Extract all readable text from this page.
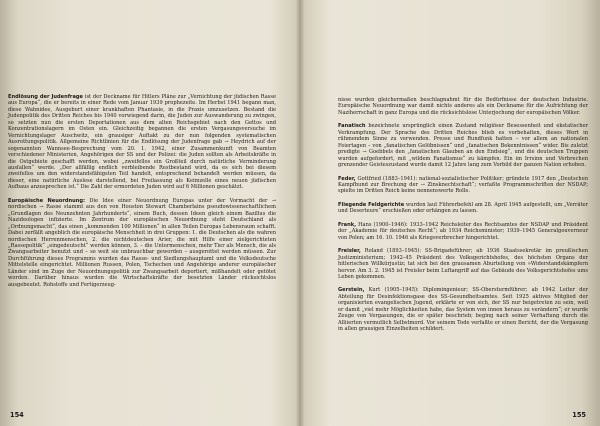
Endlösung der Judenfrage ist der Deckname für Hitlers Pläne zur „Vernichtung der jüdischen Rasse aus Europa“, die er bereits in einer Rede vom Januar 1939 prophezeite. Im Herbst 1941 begann man, diese Wahnidee, Ausgeburt einer krankhaften Phantasie, in die Praxis umzusetzen. Bestand die Judenpolitik des Dritten Reiches bis 1940 vorwiegend darin, die Juden zur Auswanderung zu zwingen, so setzten nun die ersten Deportationen aus dem alten Reichsgebiet nach den Gettos und Konzentrationslagern im Osten ein. Gleichzeitig begannen die ersten Vergasungsversuche im Vernichtungslager Auschwitz, ein grausiger Auftakt zu der nun folgenden systematischen Ausrottungspolitik. Allgemeine Richtlinien für die Endlösung der Judenfrage gab → Heydrich auf der sogenannten Wannsee-Besprechung vom 20. 1. 1942, einer Zusammenkunft von Beamten verschiedener Ministerien, Angehörigen der SS und der Polizei: die Juden sollten als Arbeitskräfte in die Ostgebiete geschafft werden, wobei „zweifellos ein Großteil durch natürliche Verminderung ausfallen“ werde. „Der allfällig endlich verbleibende Restbestand wird, da es sich bei diesem zweifellos um den widerstandsfähigsten Teil handelt, entsprechend behandelt werden müssen, da dieser, eine natürliche Auslese darstellend, bei Freilassung als Keimzelle eines neuen jüdischen Aufbaus anzusprechen ist.“ Die Zahl der ermordeten Juden wird auf 6 Millionen geschätzt.

Europäische Neuordnung: Die Idee einer Neuordnung Europas unter der Vormacht der → nordischen → Rasse stammt aus den von Houston Stewart Chamberlains pseudowissenschaftlichem „Grundlagen des Neunzehnten Jahrhunderts“, einem Buch, dessen Ideen gleich einem Bazillus die Nazideologen infizierte. Im Zentrum der europäischen Neuordnung steht Deutschland als „Ordnungsmacht“, das einen „kommenden 100 Millionen“ in allen Teilen Europas Lebensraum schafft. Dabei zerfällt angeblich die europäische Menschheit in drei Gruppen: 1. die Deutschen als die wahren nordischen Herrenmenschen, 2. die nichtdeutschen Arier, die mit Hilfe einer zielgerichteten „Rassepolitik“ „eingedeutscht“ werden können, 3. – die Untermenschen, mehr Tier als Mensch, die als Zwangsarbeiter benutzt und – so weit sie unbrauchbar geworden – ausgerottet werden müssen. Zur Durchführung dieses Programms wurden das Rasse- und Siedlungshauptamt und die Volksdeutsche Mittelstelle eingerichtet. Millionen Russen, Polen, Tschechen und Angehörige anderer europäischer Länder sind im Zuge der Neuordnungspolitik zur Zwangsarbeit deportiert, mißhandelt oder getötet worden. Darüber hinaus wurden die Wirtschaftskräfte der besetzten Länder rücksichtslos ausgebeutet. Rohstoffe und Fertigerzeug-

154

nisse wurden gleichermaßen beschlagnahmt für die Bedürfnisse der deutschen Industrie. Europäische Neuordnung war damit nichts anderes als ein Deckname für die Aufrichtung der Nazíherrschaft in ganz Europa und die rücksichtslose Unterjochung der europäischen Völker.

Fanatisch bezeichnete ursprünglich einen Zustand religiöser Besessenheit und ekstatischer Verkrampfung. Der Sprache des Dritten Reiches blieb es vorbehalten, dieses Wort in rühmendem Sinne zu verwenden. Presse und Rundfunk hatten – vor allem an nationalen Feiertagen – von „fanatischen Gelöbnissen“ und „fanatischen Bekenntnissen“ wider. Bis zuletzt predigte → Goebbels den „fanatischen Glauben an den Endsieg“, und die deutschen Truppen wurden aufgefordert, mit „wildem Fanatismus“ zu kämpfen. Ein im Irrsinn und Verbrechen grenzender Geisteszustand wurde damit 12 Jahre lang zum Vorbild der ganzen Nation erhoben.

Feder, Gottfried (1883–1941): national-sozialistischer Politiker; gründete 1917 den „Deutschen Kampfbund zur Brechung der → Zinsknechtschaft“; verfaßte Programmschriften der NSDAP; spielte im Dritten Reich keine nennenswerte Rolle.

Fliegende Feldgerichte wurden laut Führerbefehl am 28. April 1945 aufgestellt, um „Verräter und Deserteure“ erschießen oder erhängen zu lassen.

Frank, Hans (1900–1946): 1933–1942 Reichsleiter des Rechtsamtes der NSDAP und Präsident der „Akademie für deutsches Recht“; ab 1934 Reichsminister; 1939–1945 Generalgouverneur von Polen; am 16. 10. 1946 als Kriegsverbrecher hingerichtet.

Freisler, Roland (1893–1945): SS-Brigadeführer; ab 1936 Staatssekretär im preußischen Justizministerium; 1942–45 Präsident des Volksgerichtshofes, des höchsten Organs der hitlerischen Willkürjustiz; tat sich bei den grausamen Aburteilung von »Widerstandskämpfern hervor. Am 3. 2. 1945 ist Freisler beim Luftangriff auf das Gebäude des Volksgerichtshofes ums Leben gekommen.

Gerstein, Kurt (1905–1945): Diplomingenieur; SS-Obersturmführer; ab 1942 Leiter der Abteilung für Desinfektionsgase des SS-Gesundheitsamtes. Seit 1925 aktives Mitglied der organisierten evangelischen Jugend, erklärte er von sich, der SS nur beigetreten zu sein, weil er damit „viel mehr Möglichkeiten habe, das System von innen heraus zu verändern“; er wurde Zeuge von Vergasungen, die er später beschrieb; beging nach seiner Verhaftung durch die Alliierten vermutlich Selbstmord. Vor seinem Tode verfaßte er einen Bericht, der die Vergasung in allen grausigen Einzelheiten schildert.

155
